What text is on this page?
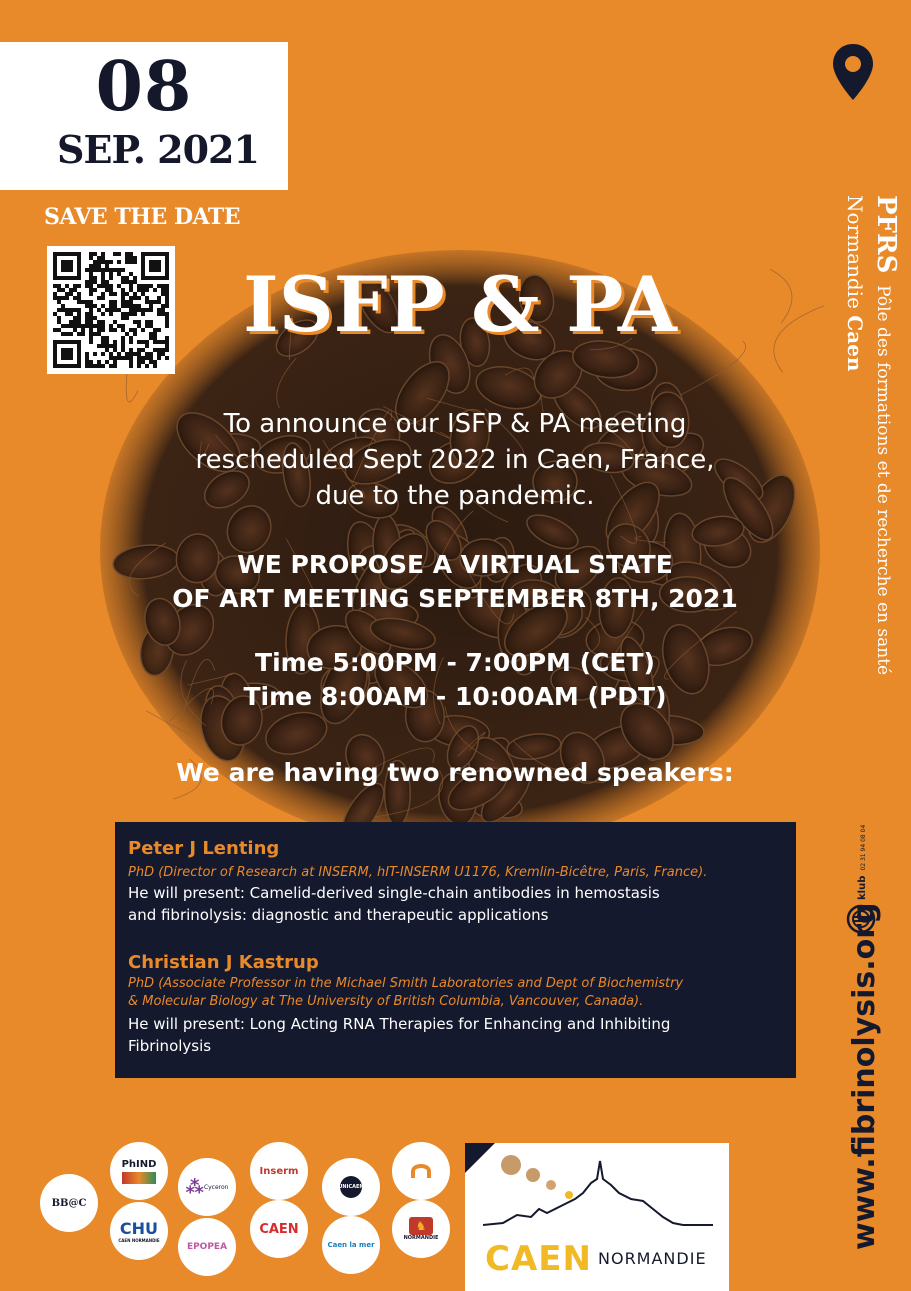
08
SEP. 2021
SAVE THE DATE
ISFP & PA
To announce our ISFP & PA meeting
rescheduled Sept 2022 in Caen, France,
due to the pandemic.
WE PROPOSE A VIRTUAL STATE
OF ART MEETING SEPTEMBER 8TH, 2021
Time 5:00PM - 7:00PM (CET)
Time 8:00AM - 10:00AM (PDT)
We are having two renowned speakers:
Peter J Lenting
PhD (Director of Research at INSERM, hIT-INSERM U1176, Kremlin-Bicêtre, Paris, France).
He will present: Camelid-derived single-chain antibodies in hemostasis
and fibrinolysis: diagnostic and therapeutic applications
Christian J Kastrup
PhD (Associate Professor in the Michael Smith Laboratories and Dept of Biochemistry
& Molecular Biology at The University of British Columbia, Vancouver, Canada).
He will present: Long Acting RNA Therapies for Enhancing and Inhibiting
Fibrinolysis
PFRS Pôle des formations et de recherche en santé
Normandie Caen
klub 02 31 94 08 04
www.fibrinolysis.org
BB@C
PhIND
CHU
CAEN NORMANDIE
⁂ Cyceron
EPOPEA
Inserm
CAEN
UNICAEN
Caen la mer
♞
NORMANDIE
CAEN NORMANDIE
